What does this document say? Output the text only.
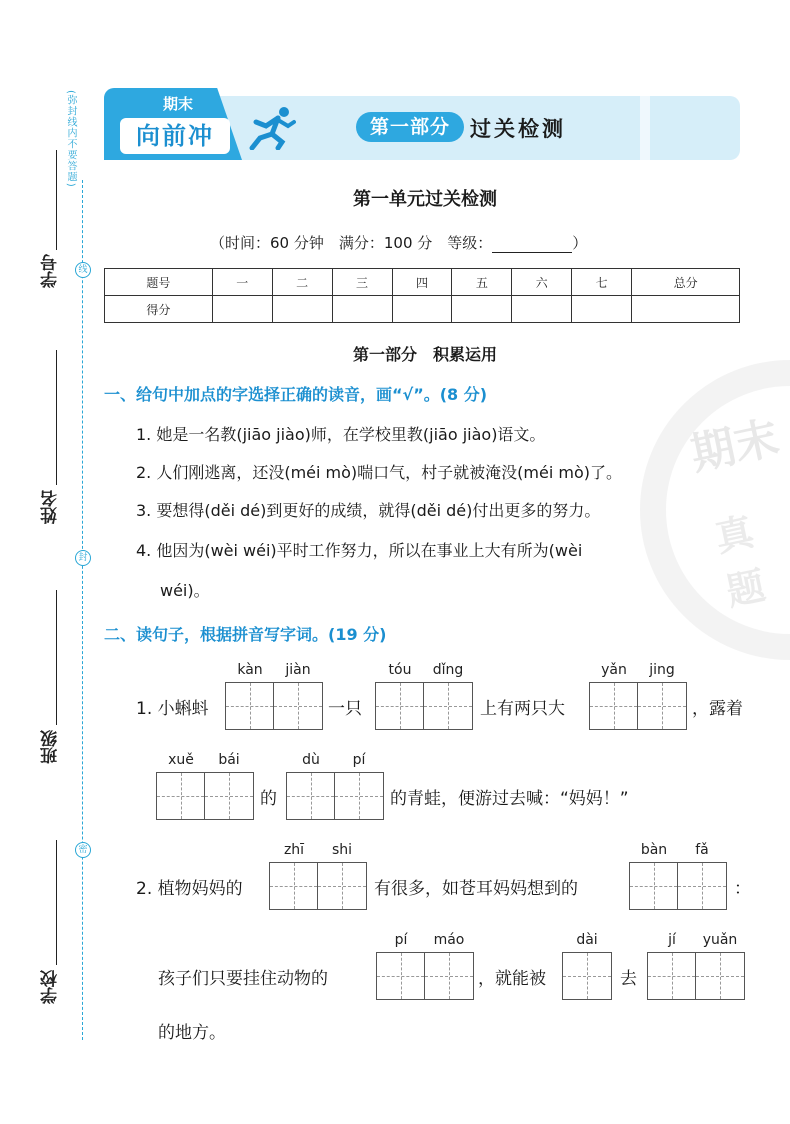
(弥封线内不要答题)
线
封
密
学号
姓名
班级
学校
期末
真题
期末
向前冲	第一部分 过关检测
第一单元过关检测
（时间：60 分钟　满分：100 分　等级：	）
题号	一	二	三	四	五	六	七	总分
得分								
第一部分　积累运用
一、给句中加点的字选择正确的读音，画“√”。(8 分)
1. 她是一名教(jiāo jiào)师，在学校里教(jiāo jiào)语文。
2. 人们刚逃离，还没(méi mò)喘口气，村子就被淹没(méi mò)了。
3. 要想得(děi dé)到更好的成绩，就得(děi dé)付出更多的努力。
4. 他因为(wèi wéi)平时工作努力，所以在事业上大有所为(wèi
wéi)。
二、读句子，根据拼音写字词。(19 分)
1. 小蝌蚪
kàn	jiàn
一只
tóu	dǐng
上有两只大
yǎn	jing
，露着
xuě	bái
的
dù	pí
的青蛙，便游过去喊：“妈妈！”
2. 植物妈妈的
zhī	shi
有很多，如苍耳妈妈想到的
bàn	fǎ
：
孩子们只要挂住动物的
pí	máo
，就能被
dài
去
jí	yuǎn
的地方。
